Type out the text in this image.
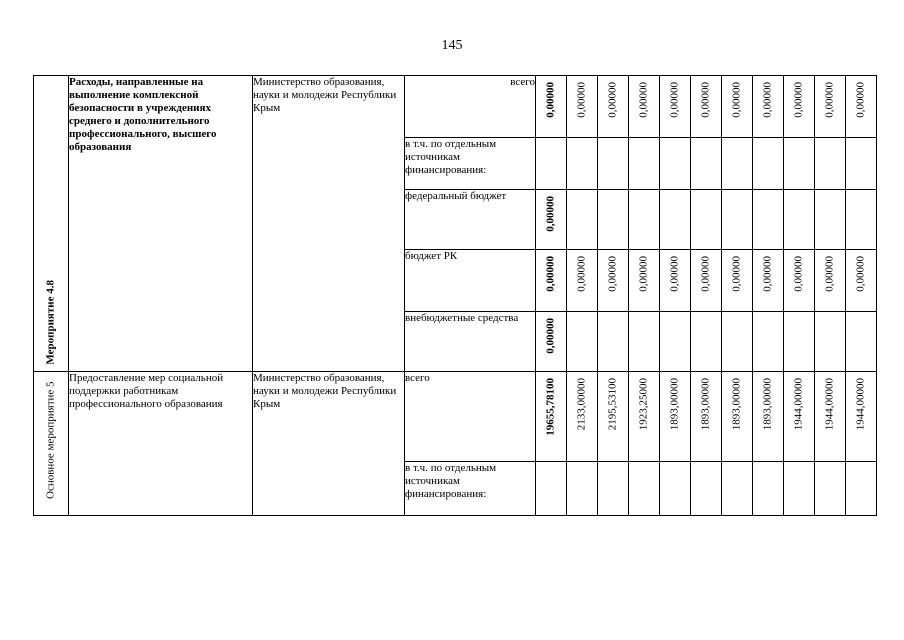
145
Мероприятие 4.8	Расходы, направленные на выполнение комплексной безопасности в учреждениях среднего и дополнительного профессионального, высшего образования	Министерство образования, науки и молодежи Республики Крым	всего	0,00000	0,00000	0,00000	0,00000	0,00000	0,00000	0,00000	0,00000	0,00000	0,00000	0,00000

			в т.ч. по отдельным источникам финансирования:											
			федеральный бюджет	0,00000										

			бюджет РК	0,00000	0,00000	0,00000	0,00000	0,00000	0,00000	0,00000	0,00000	0,00000	0,00000	0,00000

			внебюджетные средства	0,00000										

Основное мероприятие 5	Предоставление мер социальной поддержки работникам профессионального образования	Министерство образования, науки и молодежи Республики Крым	всего	19655,78100	2133,00000	2195,53100	1923,25000	1893,00000	1893,00000	1893,00000	1893,00000	1944,00000	1944,00000	1944,00000

			в т.ч. по отдельным источникам финансирования:											
